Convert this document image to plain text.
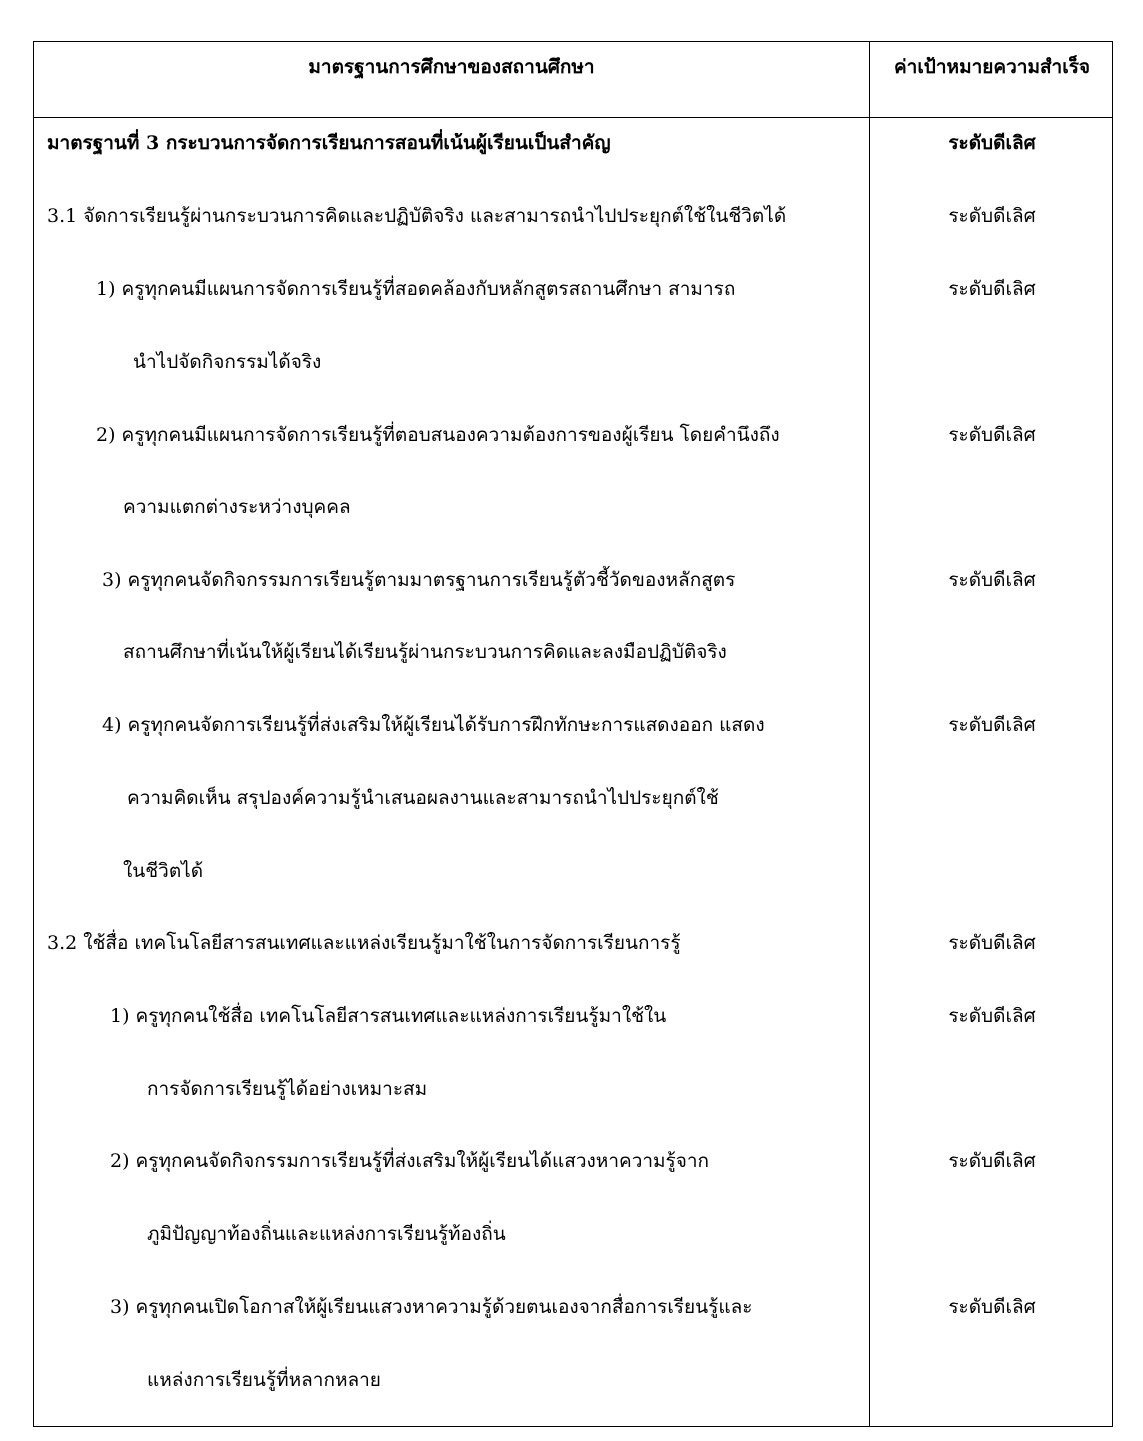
มาตรฐานการศึกษาของสถานศึกษา	ค่าเป้าหมายความสำเร็จ
มาตรฐานที่ 3 กระบวนการจัดการเรียนการสอนที่เน้นผู้เรียนเป็นสำคัญ	ระดับดีเลิศ
3.1 จัดการเรียนรู้ผ่านกระบวนการคิดและปฏิบัติจริง และสามารถนำไปประยุกต์ใช้ในชีวิตได้	ระดับดีเลิศ
1) ครูทุกคนมีแผนการจัดการเรียนรู้ที่สอดคล้องกับหลักสูตรสถานศึกษา สามารถ	ระดับดีเลิศ
นำไปจัดกิจกรรมได้จริง
2) ครูทุกคนมีแผนการจัดการเรียนรู้ที่ตอบสนองความต้องการของผู้เรียน โดยคำนึงถึง	ระดับดีเลิศ
ความแตกต่างระหว่างบุคคล
3) ครูทุกคนจัดกิจกรรมการเรียนรู้ตามมาตรฐานการเรียนรู้ตัวชี้วัดของหลักสูตร	ระดับดีเลิศ
สถานศึกษาที่เน้นให้ผู้เรียนได้เรียนรู้ผ่านกระบวนการคิดและลงมือปฏิบัติจริง
4) ครูทุกคนจัดการเรียนรู้ที่ส่งเสริมให้ผู้เรียนได้รับการฝึกทักษะการแสดงออก แสดง	ระดับดีเลิศ
ความคิดเห็น สรุปองค์ความรู้นำเสนอผลงานและสามารถนำไปประยุกต์ใช้
ในชีวิตได้
3.2 ใช้สื่อ เทคโนโลยีสารสนเทศและแหล่งเรียนรู้มาใช้ในการจัดการเรียนการรู้	ระดับดีเลิศ
1) ครูทุกคนใช้สื่อ เทคโนโลยีสารสนเทศและแหล่งการเรียนรู้มาใช้ใน	ระดับดีเลิศ
การจัดการเรียนรู้ได้อย่างเหมาะสม
2) ครูทุกคนจัดกิจกรรมการเรียนรู้ที่ส่งเสริมให้ผู้เรียนได้แสวงหาความรู้จาก	ระดับดีเลิศ
ภูมิปัญญาท้องถิ่นและแหล่งการเรียนรู้ท้องถิ่น
3) ครูทุกคนเปิดโอกาสให้ผู้เรียนแสวงหาความรู้ด้วยตนเองจากสื่อการเรียนรู้และ	ระดับดีเลิศ
แหล่งการเรียนรู้ที่หลากหลาย
